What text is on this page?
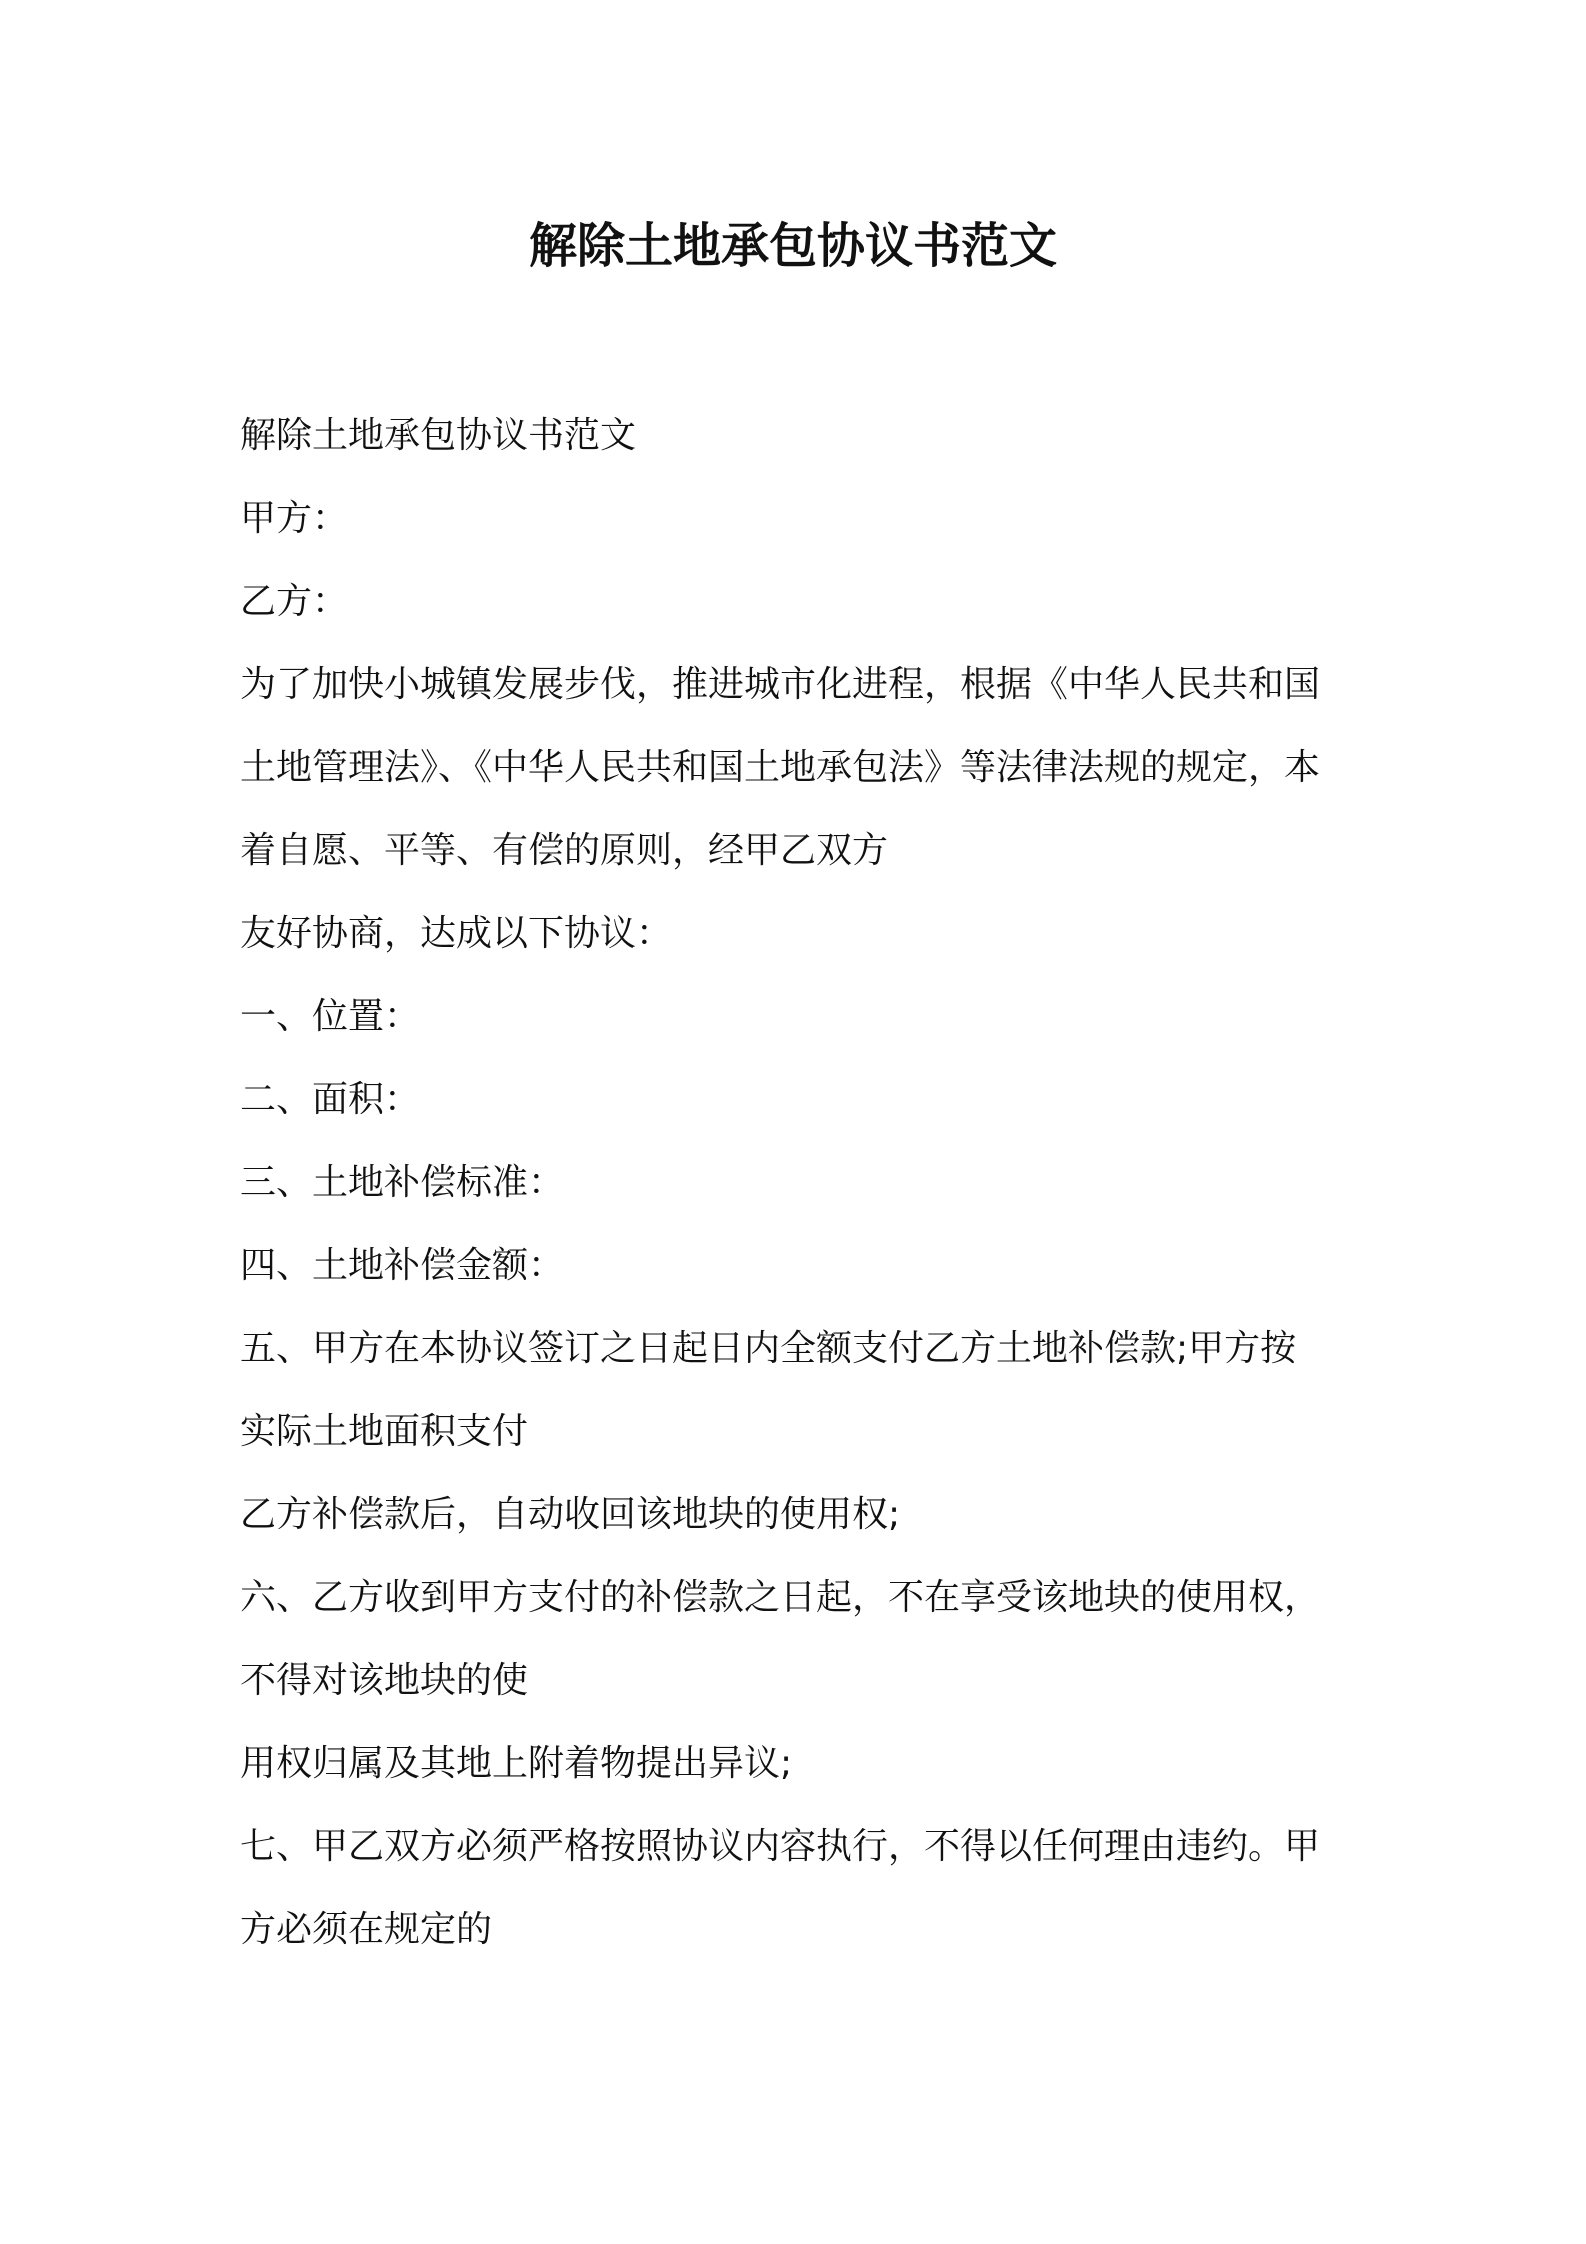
解除土地承包协议书范文
解除土地承包协议书范文
甲方：
乙方：
为了加快小城镇发展步伐，推进城市化进程，根据《中华人民共和国
土地管理法》、《中华人民共和国土地承包法》等法律法规的规定，本
着自愿、平等、有偿的原则，经甲乙双方
友好协商，达成以下协议：
一、位置：
二、面积：
三、土地补偿标准：
四、土地补偿金额：
五、甲方在本协议签订之日起日内全额支付乙方土地补偿款;甲方按
实际土地面积支付
乙方补偿款后，自动收回该地块的使用权;
六、乙方收到甲方支付的补偿款之日起，不在享受该地块的使用权，
不得对该地块的使
用权归属及其地上附着物提出异议;
七、甲乙双方必须严格按照协议内容执行，不得以任何理由违约。甲
方必须在规定的
